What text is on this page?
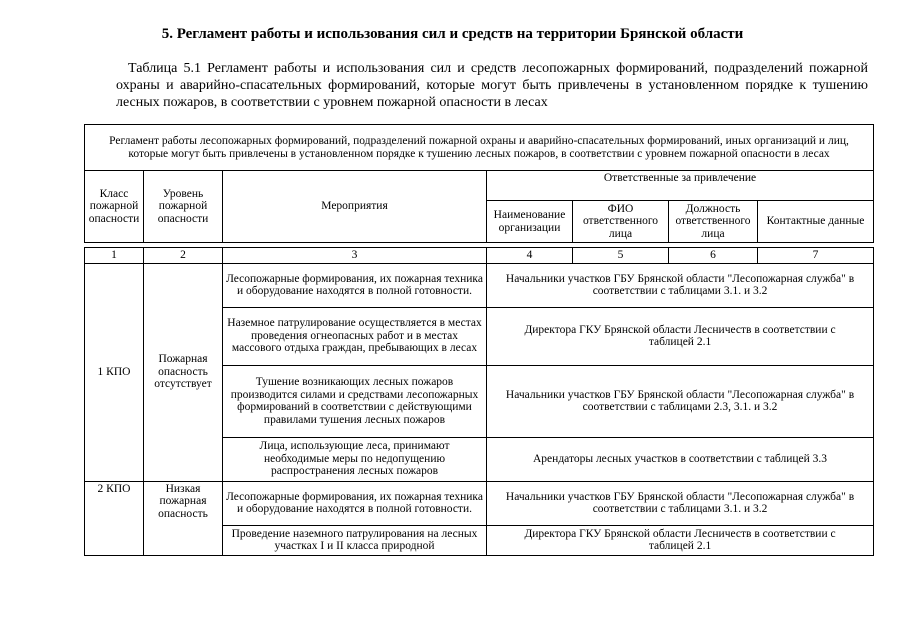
5. Регламент работы и использования сил и средств на территории Брянской области
Таблица 5.1 Регламент работы и использования сил и средств лесопожарных формирований, подразделений пожарной охраны и аварийно-спасательных формирований, которые могут быть привлечены в установленном порядке к тушению лесных пожаров, в соответствии с уровнем пожарной опасности в лесах
Регламент работы лесопожарных формирований, подразделений пожарной охраны и аварийно-спасательных формирований, иных организаций и лиц, которые могут быть привлечены в установленном порядке к тушению лесных пожаров, в соответствии с уровнем пожарной опасности в лесах						
Класс пожарной опасности	Уровень пожарной опасности	Мероприятия	Ответственные за привлечение			
			Наименование организации	ФИО ответственного лица	Должность ответственного лица	Контактные данные

1	2	3	4	5	6	7
1 КПО	Пожарная опасность отсутствует	Лесопожарные формирования, их пожарная техника и оборудование находятся в полной готовности.	Начальники участков ГБУ Брянской области "Лесопожарная служба" в соответствии с таблицами 3.1. и 3.2			
		Наземное патрулирование осуществляется в местах проведения огнеопасных работ и в местах массового отдыха граждан, пребывающих в лесах	Директора ГКУ Брянской области Лесничеств в соответствии с таблицей 2.1			
		Тушение возникающих лесных пожаров производится силами и средствами лесопожарных формирований в соответствии с действующими правилами тушения лесных пожаров	Начальники участков ГБУ Брянской области "Лесопожарная служба" в соответствии с таблицами 2.3, 3.1. и 3.2			
		Лица, использующие леса, принимают необходимые меры по недопущению распространения лесных пожаров	Арендаторы лесных участков в соответствии с таблицей 3.3			
2 КПО	Низкая пожарная опасность	Лесопожарные формирования, их пожарная техника и оборудование находятся в полной готовности.	Начальники участков ГБУ Брянской области "Лесопожарная служба" в соответствии с таблицами 3.1. и 3.2			
		Проведение наземного патрулирования на лесных участках I и II класса природной	Директора ГКУ Брянской области Лесничеств в соответствии с таблицей 2.1			
